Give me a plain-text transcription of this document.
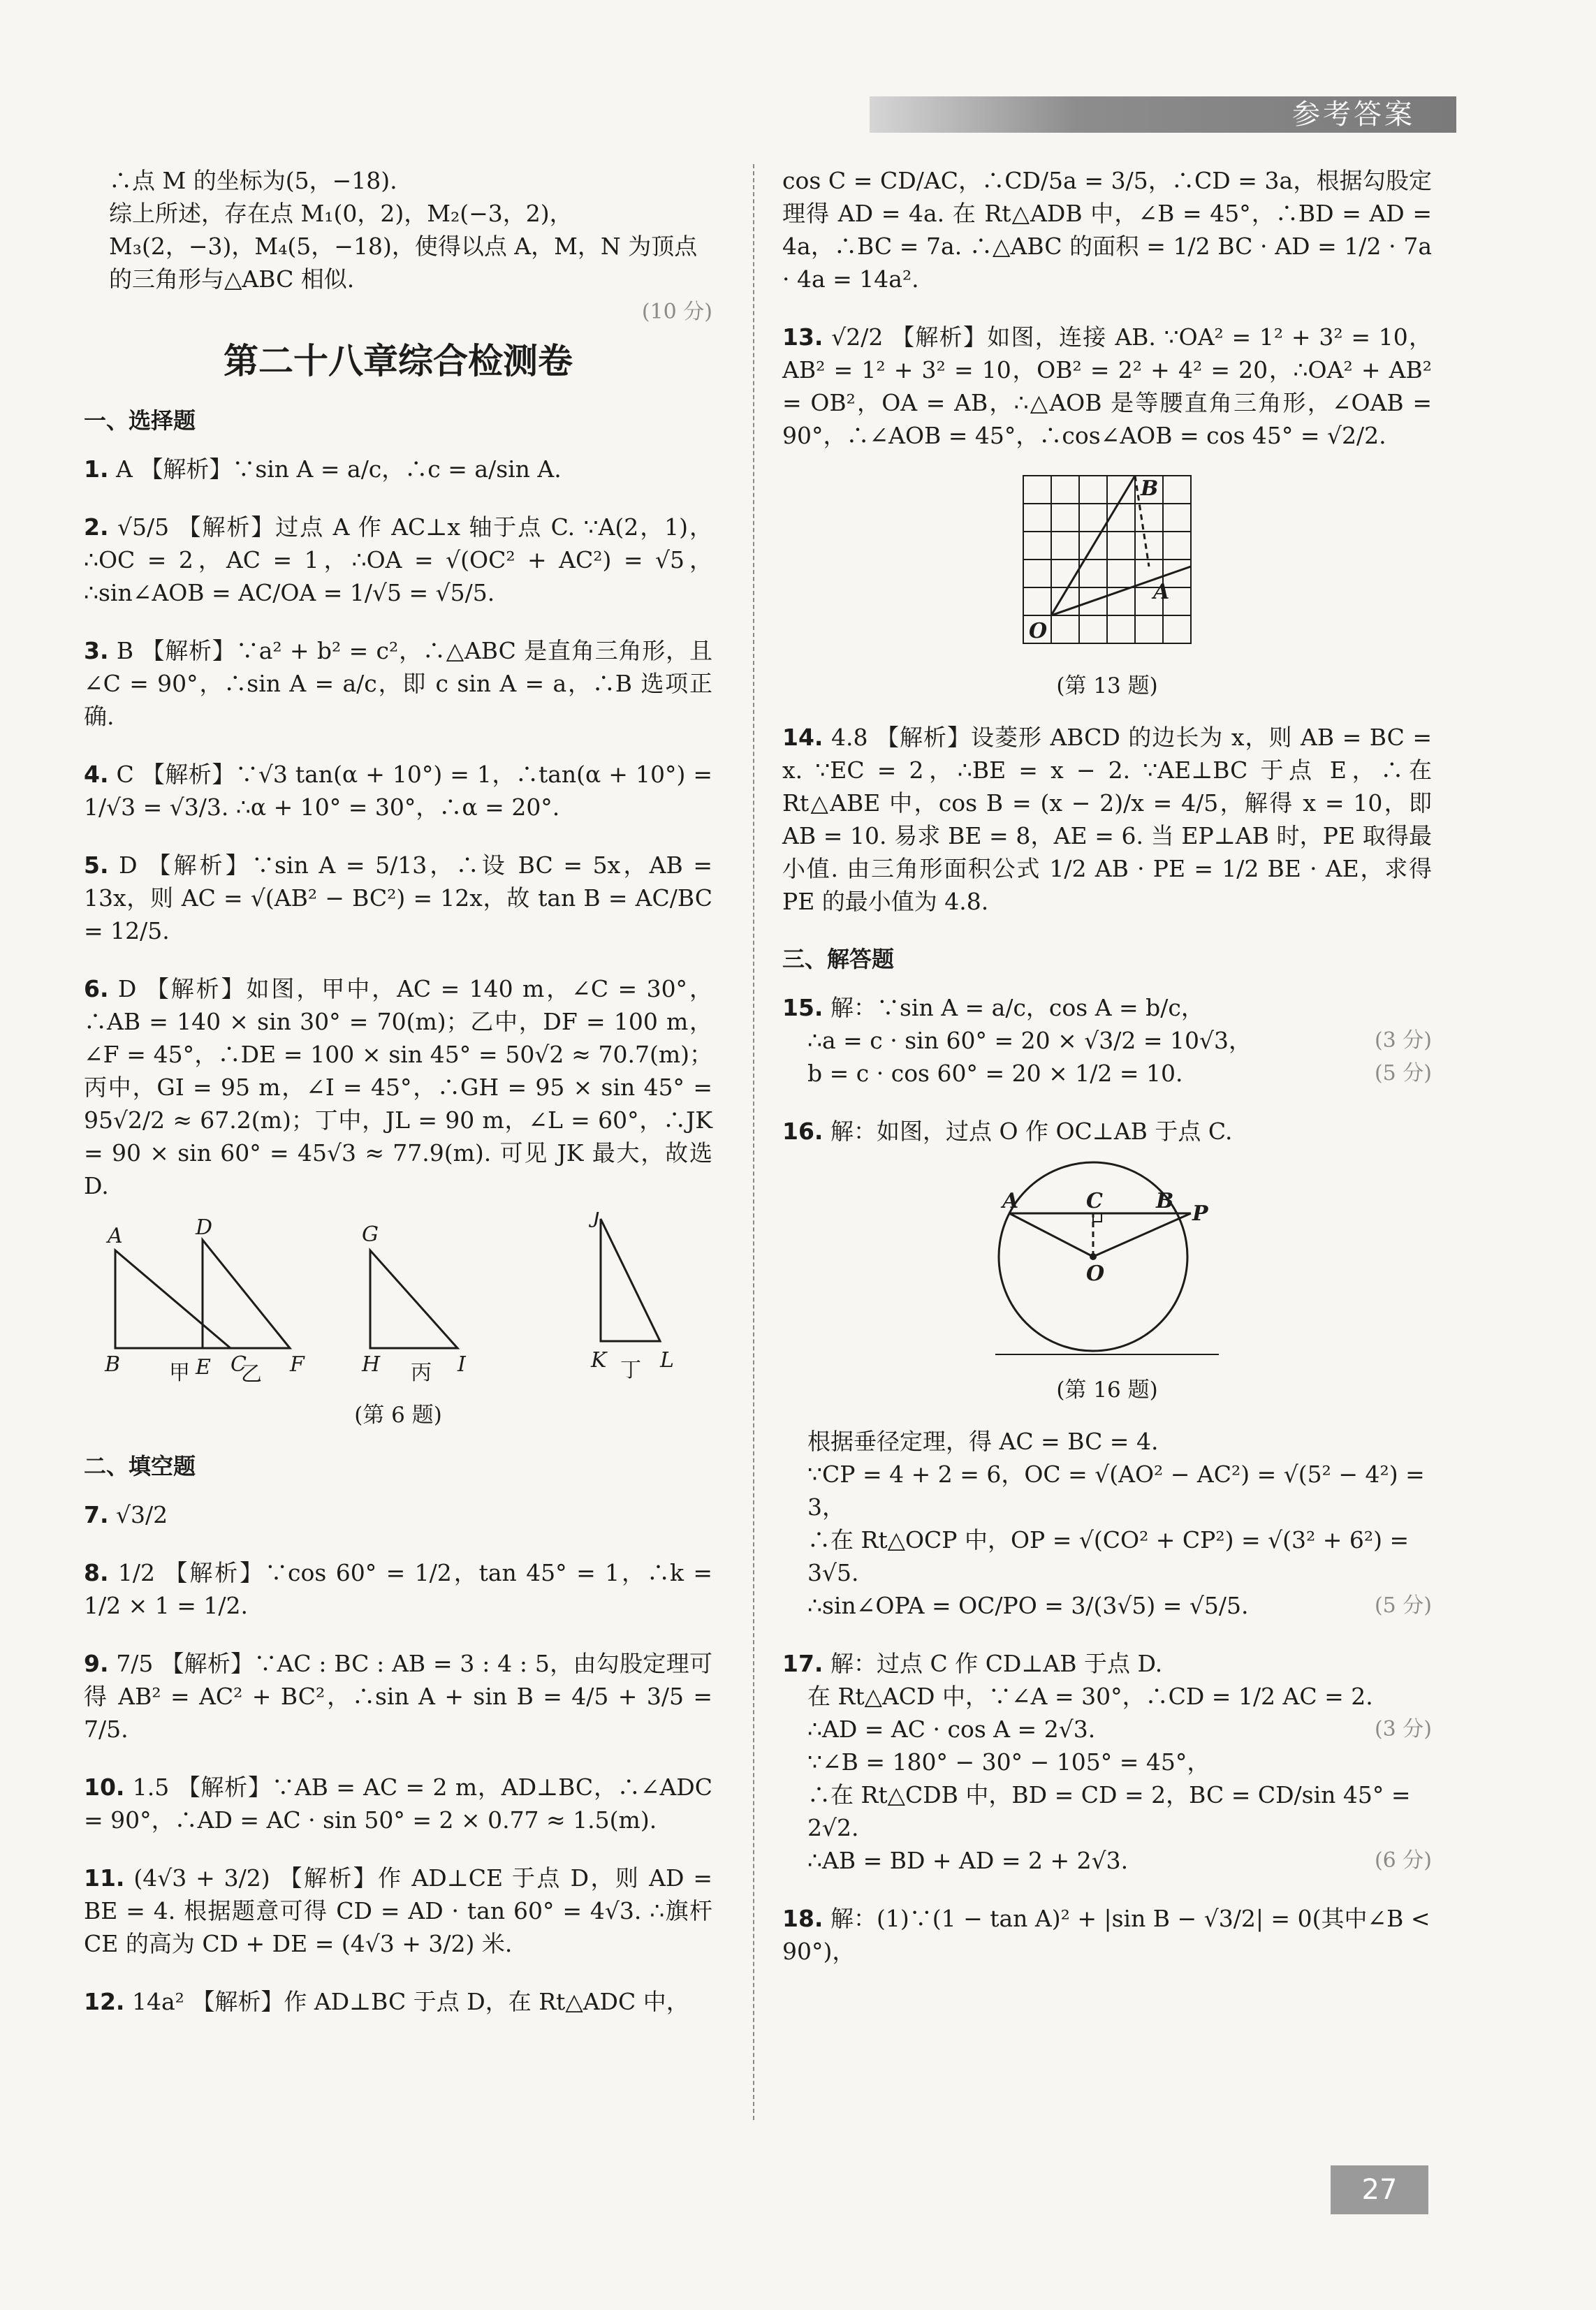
参考答案

∴点 M 的坐标为(5，−18).

综上所述，存在点 M₁(0，2)，M₂(−3，2)，M₃(2，−3)，M₄(5，−18)，使得以点 A，M，N 为顶点的三角形与△ABC 相似.

(10 分)

第二十八章综合检测卷
一、选择题

1. A 【解析】∵sin A = a/c，∴c = a/sin A.

2. √5/5 【解析】过点 A 作 AC⊥x 轴于点 C. ∵A(2，1)，∴OC = 2，AC = 1，∴OA = √(OC² + AC²) = √5，∴sin∠AOB = AC/OA = 1/√5 = √5/5.

3. B 【解析】∵a² + b² = c²，∴△ABC 是直角三角形，且∠C = 90°，∴sin A = a/c，即 c sin A = a，∴B 选项正确.

4. C 【解析】∵√3 tan(α + 10°) = 1，∴tan(α + 10°) = 1/√3 = √3/3. ∴α + 10° = 30°，∴α = 20°.

5. D 【解析】∵sin A = 5/13，∴设 BC = 5x，AB = 13x，则 AC = √(AB² − BC²) = 12x，故 tan B = AC/BC = 12/5.

6. D 【解析】如图，甲中，AC = 140 m，∠C = 30°，∴AB = 140 × sin 30° = 70(m)；乙中，DF = 100 m，∠F = 45°，∴DE = 100 × sin 45° = 50√2 ≈ 70.7(m)；丙中，GI = 95 m，∠I = 45°，∴GH = 95 × sin 45° = 95√2/2 ≈ 67.2(m)；丁中，JL = 90 m，∠L = 60°，∴JK = 90 × sin 60° = 45√3 ≈ 77.9(m). 可见 JK 最大，故选 D.

A
B	C
D
E	F
G
H	I
J
K	L
甲 乙	丙	丁
(第 6 题)
二、填空题

7. √3/2

8. 1/2 【解析】∵cos 60° = 1/2，tan 45° = 1，∴k = 1/2 × 1 = 1/2.

9. 7/5 【解析】∵AC : BC : AB = 3 : 4 : 5，由勾股定理可得 AB² = AC² + BC²，∴sin A + sin B = 4/5 + 3/5 = 7/5.

10. 1.5 【解析】∵AB = AC = 2 m，AD⊥BC，∴∠ADC = 90°，∴AD = AC · sin 50° = 2 × 0.77 ≈ 1.5(m).

11. (4√3 + 3/2) 【解析】作 AD⊥CE 于点 D，则 AD = BE = 4. 根据题意可得 CD = AD · tan 60° = 4√3. ∴旗杆 CE 的高为 CD + DE = (4√3 + 3/2) 米.

12. 14a² 【解析】作 AD⊥BC 于点 D，在 Rt△ADC 中，

cos C = CD/AC，∴CD/5a = 3/5，∴CD = 3a，根据勾股定理得 AD = 4a. 在 Rt△ADB 中，∠B = 45°，∴BD = AD = 4a，∴BC = 7a. ∴△ABC 的面积 = 1/2 BC · AD = 1/2 · 7a · 4a = 14a².

13. √2/2 【解析】如图，连接 AB. ∵OA² = 1² + 3² = 10，AB² = 1² + 3² = 10，OB² = 2² + 4² = 20，∴OA² + AB² = OB²，OA = AB，∴△AOB 是等腰直角三角形，∠OAB = 90°，∴∠AOB = 45°，∴cos∠AOB = cos 45° = √2/2.

O
A
B
(第 13 题)

14. 4.8 【解析】设菱形 ABCD 的边长为 x，则 AB = BC = x. ∵EC = 2，∴BE = x − 2. ∵AE⊥BC 于点 E，∴在 Rt△ABE 中，cos B = (x − 2)/x = 4/5，解得 x = 10，即 AB = 10. 易求 BE = 8，AE = 6. 当 EP⊥AB 时，PE 取得最小值. 由三角形面积公式 1/2 AB · PE = 1/2 BE · AE，求得 PE 的最小值为 4.8.

三、解答题

15. 解：∵sin A = a/c，cos A = b/c，

∴a = c · sin 60° = 20 × √3/2 = 10√3，	(3 分)

b = c · cos 60° = 20 × 1/2 = 10.	(5 分)

16. 解：如图，过点 O 作 OC⊥AB 于点 C.

A	B
C
P
O
(第 16 题)

根据垂径定理，得 AC = BC = 4.

∵CP = 4 + 2 = 6，OC = √(AO² − AC²) = √(5² − 4²) = 3，

∴在 Rt△OCP 中，OP = √(CO² + CP²) = √(3² + 6²) = 3√5.

∴sin∠OPA = OC/PO = 3/(3√5) = √5/5.	(5 分)

17. 解：过点 C 作 CD⊥AB 于点 D.

在 Rt△ACD 中，∵∠A = 30°，∴CD = 1/2 AC = 2.

∴AD = AC · cos A = 2√3.	(3 分)

∵∠B = 180° − 30° − 105° = 45°，

∴在 Rt△CDB 中，BD = CD = 2，BC = CD/sin 45° = 2√2.

∴AB = BD + AD = 2 + 2√3.	(6 分)

18. 解：(1)∵(1 − tan A)² + |sin B − √3/2| = 0(其中∠B < 90°)，

27
